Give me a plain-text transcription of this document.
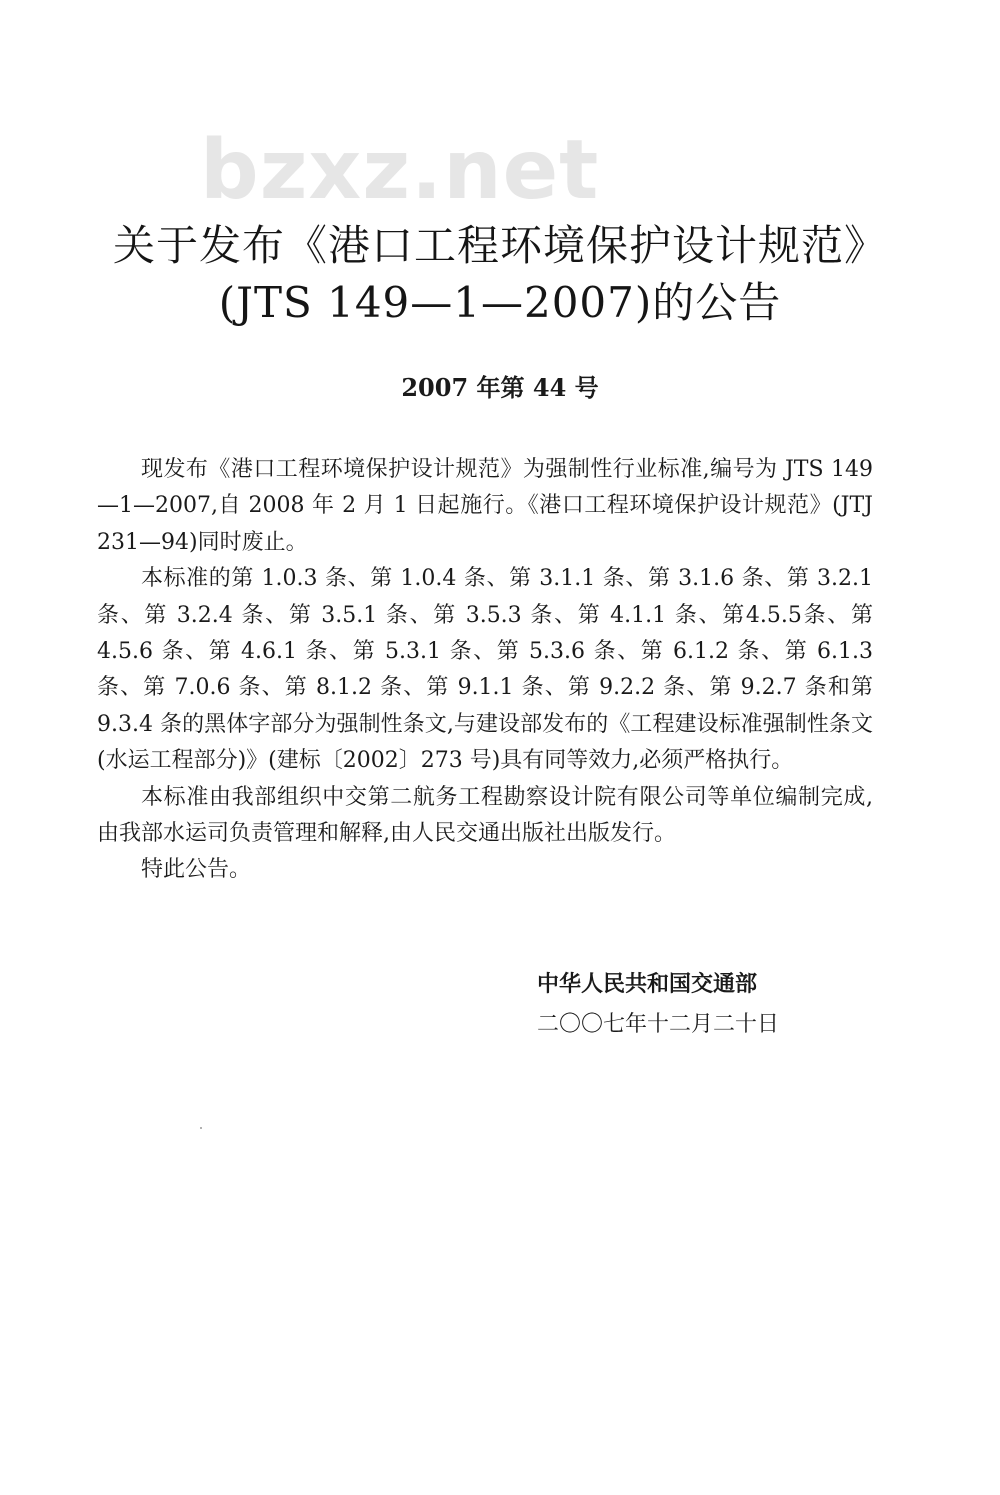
bzxz.net
关于发布《港口工程环境保护设计规范》
(JTS 149—1—2007)的公告
2007 年第 44 号

现发布《港口工程环境保护设计规范》为强制性行业标准,编号为 JTS 149—1—2007,自 2008 年 2 月 1 日起施行。《港口工程环境保护设计规范》(JTJ 231—94)同时废止。

本标准的第 1.0.3 条、第 1.0.4 条、第 3.1.1 条、第 3.1.6 条、第 3.2.1 条、第 3.2.4 条、第 3.5.1 条、第 3.5.3 条、第 4.1.1 条、第4.5.5条、第 4.5.6 条、第 4.6.1 条、第 5.3.1 条、第 5.3.6 条、第 6.1.2 条、第 6.1.3 条、第 7.0.6 条、第 8.1.2 条、第 9.1.1 条、第 9.2.2 条、第 9.2.7 条和第 9.3.4 条的黑体字部分为强制性条文,与建设部发布的《工程建设标准强制性条文(水运工程部分)》(建标〔2002〕273 号)具有同等效力,必须严格执行。

本标准由我部组织中交第二航务工程勘察设计院有限公司等单位编制完成,由我部水运司负责管理和解释,由人民交通出版社出版发行。

特此公告。

中华人民共和国交通部
二〇〇七年十二月二十日
